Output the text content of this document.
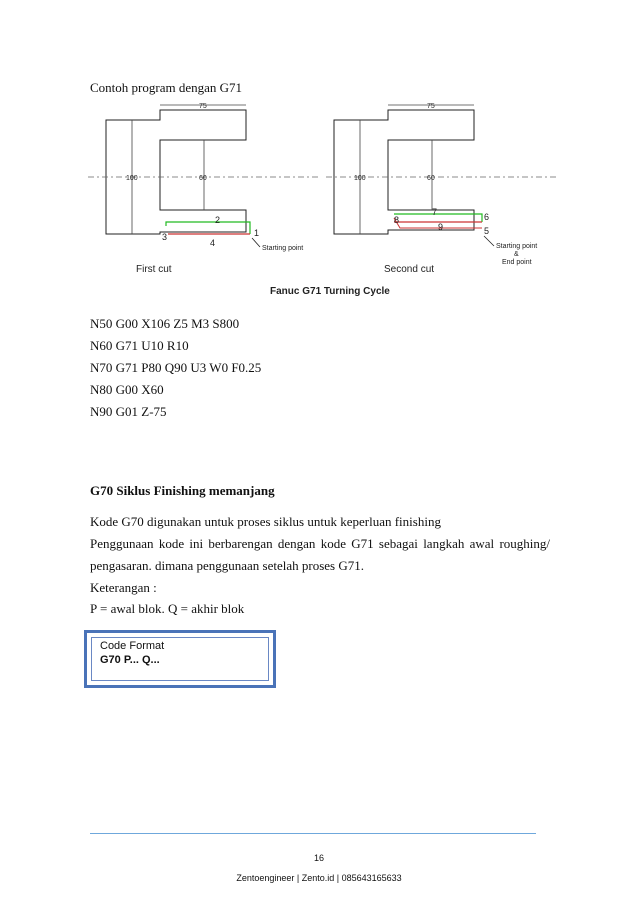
Contoh program dengan G71
75
100	60
1
2
3
4
Starting point
First cut
75
100	60
5
6
7
8
9
Starting point
&
End point
Second cut
Fanuc G71 Turning Cycle
N50 G00 X106 Z5 M3 S800
N60 G71 U10 R10
N70 G71 P80 Q90 U3 W0 F0.25
N80 G00 X60
N90 G01 Z-75
G70 Siklus Finishing memanjang
Kode G70 digunakan untuk proses siklus untuk keperluan finishing
Penggunaan kode ini berbarengan dengan kode G71 sebagai langkah awal roughing/
pengasaran. dimana penggunaan setelah proses G71.
Keterangan :
P = awal blok. Q = akhir blok
Code Format
G70 P... Q...
16
Zentoengineer | Zento.id | 085643165633
